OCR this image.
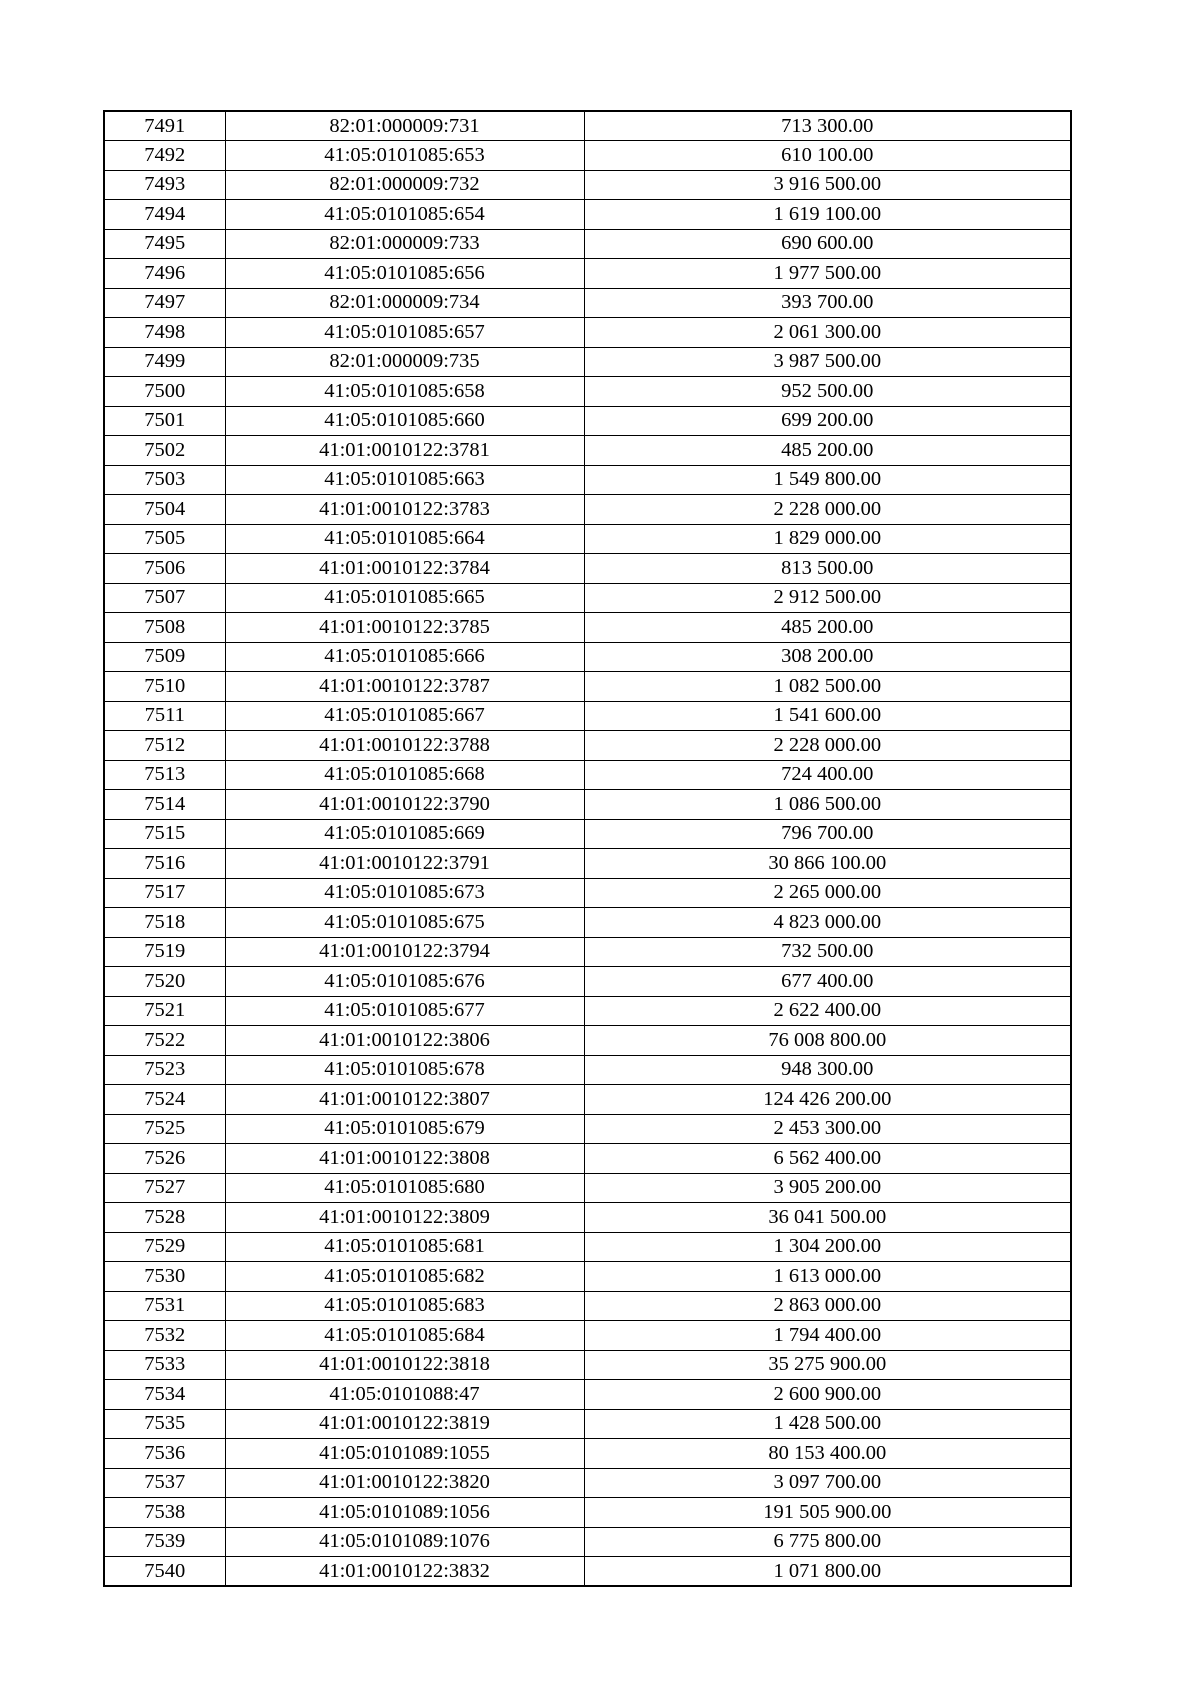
7491	82:01:000009:731	713 300.00
7492	41:05:0101085:653	610 100.00
7493	82:01:000009:732	3 916 500.00
7494	41:05:0101085:654	1 619 100.00
7495	82:01:000009:733	690 600.00
7496	41:05:0101085:656	1 977 500.00
7497	82:01:000009:734	393 700.00
7498	41:05:0101085:657	2 061 300.00
7499	82:01:000009:735	3 987 500.00
7500	41:05:0101085:658	952 500.00
7501	41:05:0101085:660	699 200.00
7502	41:01:0010122:3781	485 200.00
7503	41:05:0101085:663	1 549 800.00
7504	41:01:0010122:3783	2 228 000.00
7505	41:05:0101085:664	1 829 000.00
7506	41:01:0010122:3784	813 500.00
7507	41:05:0101085:665	2 912 500.00
7508	41:01:0010122:3785	485 200.00
7509	41:05:0101085:666	308 200.00
7510	41:01:0010122:3787	1 082 500.00
7511	41:05:0101085:667	1 541 600.00
7512	41:01:0010122:3788	2 228 000.00
7513	41:05:0101085:668	724 400.00
7514	41:01:0010122:3790	1 086 500.00
7515	41:05:0101085:669	796 700.00
7516	41:01:0010122:3791	30 866 100.00
7517	41:05:0101085:673	2 265 000.00
7518	41:05:0101085:675	4 823 000.00
7519	41:01:0010122:3794	732 500.00
7520	41:05:0101085:676	677 400.00
7521	41:05:0101085:677	2 622 400.00
7522	41:01:0010122:3806	76 008 800.00
7523	41:05:0101085:678	948 300.00
7524	41:01:0010122:3807	124 426 200.00
7525	41:05:0101085:679	2 453 300.00
7526	41:01:0010122:3808	6 562 400.00
7527	41:05:0101085:680	3 905 200.00
7528	41:01:0010122:3809	36 041 500.00
7529	41:05:0101085:681	1 304 200.00
7530	41:05:0101085:682	1 613 000.00
7531	41:05:0101085:683	2 863 000.00
7532	41:05:0101085:684	1 794 400.00
7533	41:01:0010122:3818	35 275 900.00
7534	41:05:0101088:47	2 600 900.00
7535	41:01:0010122:3819	1 428 500.00
7536	41:05:0101089:1055	80 153 400.00
7537	41:01:0010122:3820	3 097 700.00
7538	41:05:0101089:1056	191 505 900.00
7539	41:05:0101089:1076	6 775 800.00
7540	41:01:0010122:3832	1 071 800.00
